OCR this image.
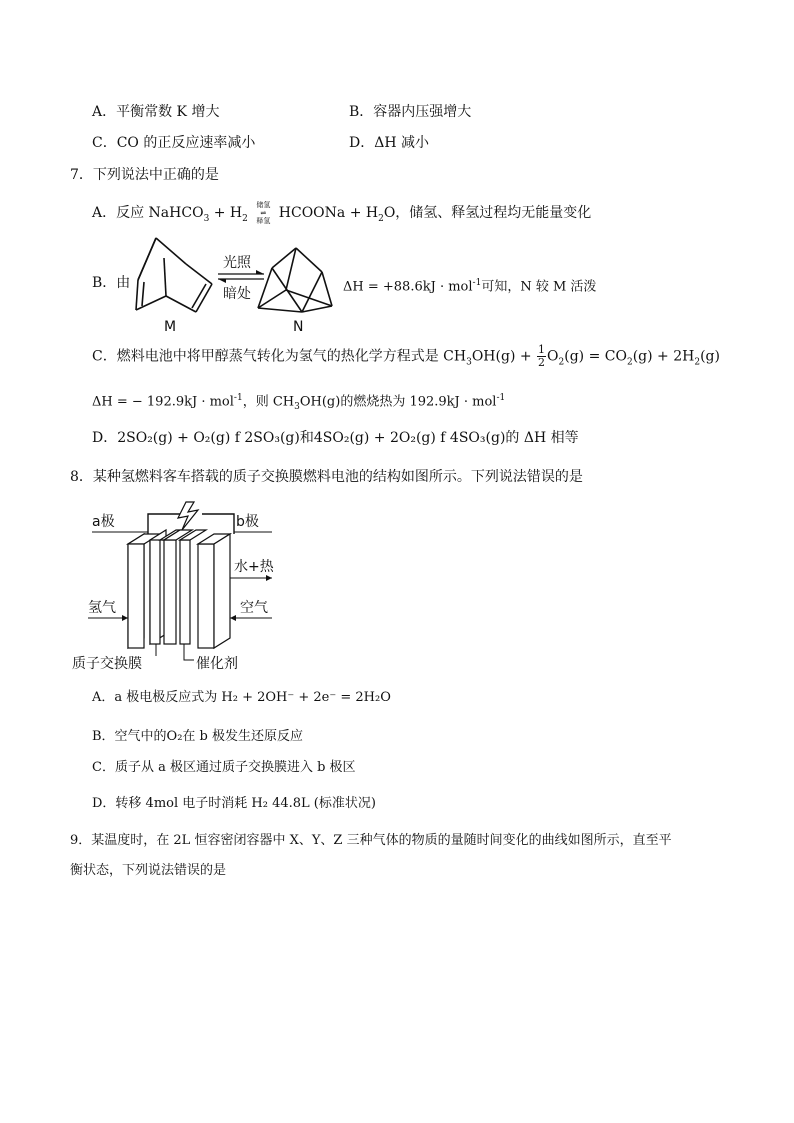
A．平衡常数 K 增大	B．容器内压强增大
C．CO 的正反应速率减小	D．ΔH 减小
7．下列说法中正确的是
A．反应 NaHCO$_3$ + $H_2$ 储氢
⇌
释氢 HCOONa + $H_2O$，储氢、释氢过程均无能量变化
B．由
M
光照
暗处
N
ΔH = +88.6kJ · mol$^{-1}$可知，N 较 M 活泼
C．燃料电池中将甲醇蒸气转化为氢气的热化学方程式是 $CH_3OH(g) + \frac{1}{2} O_2(g) = CO_2(g) + 2H_2(g)$
ΔH = − 192.9kJ · mol$^{-1}$，则 $CH_3OH(g)$的燃烧热为 192.9kJ · mol$^{-1}$
D．2SO₂(g) + O₂(g) f 2SO₃(g)和4SO₂(g) + 2O₂(g) f 4SO₃(g)的 ΔH 相等
8．某种氢燃料客车搭载的质子交换膜燃料电池的结构如图所示。下列说法错误的是
a极	b极
水+热
氢气	空气
质子交换膜	催化剂
A．a 极电极反应式为 H₂ + 2OH⁻ + 2e⁻ = 2H₂O
B．空气中的O₂在 b 极发生还原反应
C．质子从 a 极区通过质子交换膜进入 b 极区
D．转移 4mol 电子时消耗 H₂ 44.8L (标准状况)
9．某温度时，在 2L 恒容密闭容器中 X、Y、Z 三种气体的物质的量随时间变化的曲线如图所示，直至平
衡状态，下列说法错误的是
